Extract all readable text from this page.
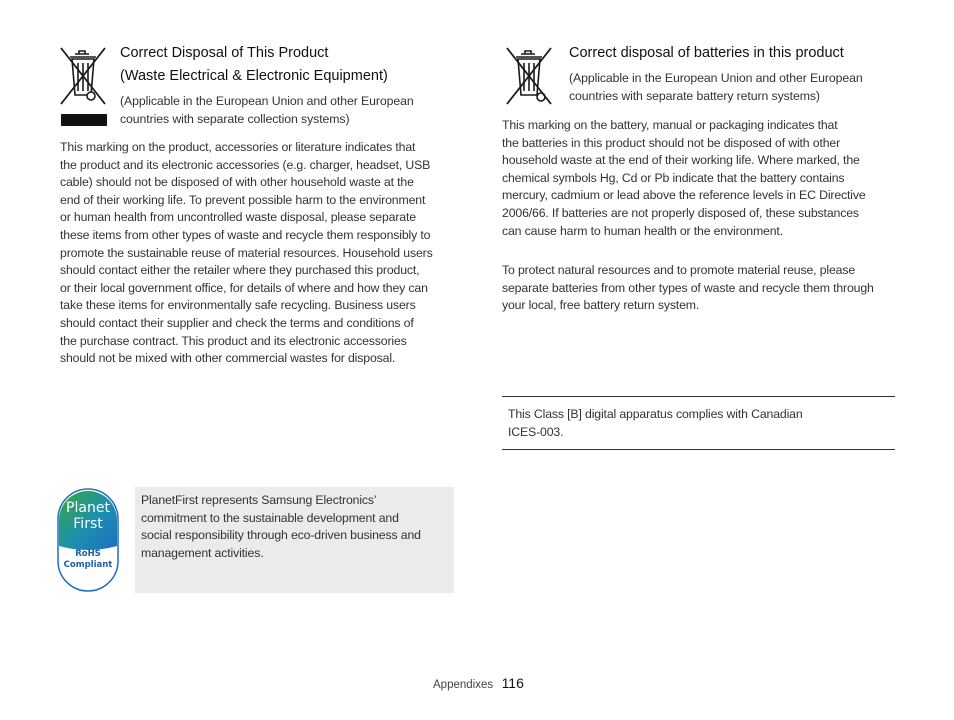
Correct Disposal of This Product
(Waste Electrical & Electronic Equipment)
(Applicable in the European Union and other European
countries with separate collection systems)

This marking on the product, accessories or literature indicates that

the product and its electronic accessories (e.g. charger, headset, USB

cable) should not be disposed of with other household waste at the

end of their working life. To prevent possible harm to the environment

or human health from uncontrolled waste disposal, please separate

these items from other types of waste and recycle them responsibly to

promote the sustainable reuse of material resources. Household users

should contact either the retailer where they purchased this product,

or their local government office, for details of where and how they can

take these items for environmentally safe recycling. Business users

should contact their supplier and check the terms and conditions of

the purchase contract. This product and its electronic accessories

should not be mixed with other commercial wastes for disposal.

Planet
First
RoHS
Compliant

PlanetFirst represents Samsung Electronics’

commitment to the sustainable development and

social responsibility through eco-driven business and

management activities.

Correct disposal of batteries in this product
(Applicable in the European Union and other European
countries with separate battery return systems)

This marking on the battery, manual or packaging indicates that

the batteries in this product should not be disposed of with other

household waste at the end of their working life. Where marked, the

chemical symbols Hg, Cd or Pb indicate that the battery contains

mercury, cadmium or lead above the reference levels in EC Directive

2006/66. If batteries are not properly disposed of, these substances

can cause harm to human health or the environment.

To protect natural resources and to promote material reuse, please

separate batteries from other types of waste and recycle them through

your local, free battery return system.

This Class [B] digital apparatus complies with Canadian

ICES-003.

Appendixes 116
